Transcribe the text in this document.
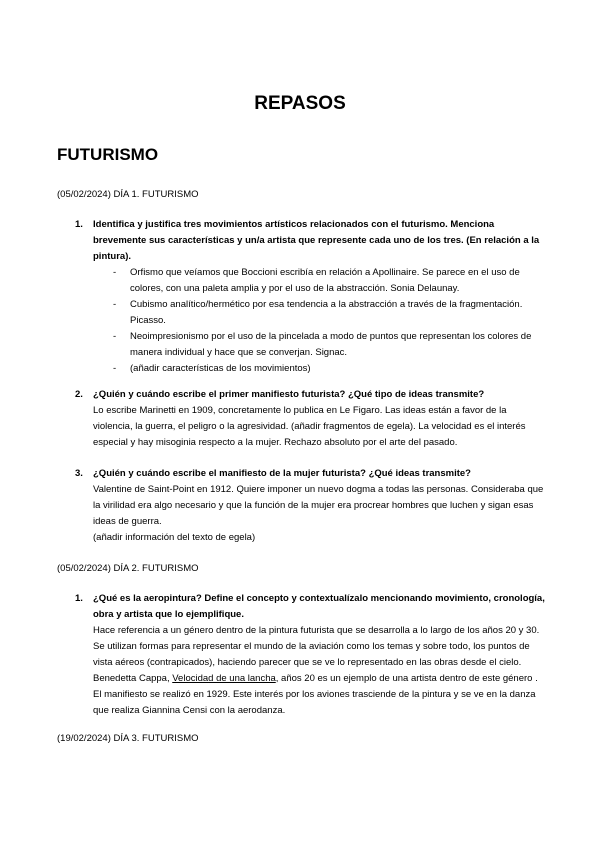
REPASOS
FUTURISMO

(05/02/2024) DÍA 1. FUTURISMO

1. Identifica y justifica tres movimientos artísticos relacionados con el futurismo. Menciona brevemente sus características y un/a artista que represente cada uno de los tres. (En relación a la pintura).

- Orfismo que veíamos que Boccioni escribía en relación a Apollinaire. Se parece en el uso de colores, con una paleta amplia y por el uso de la abstracción. Sonia Delaunay.
- Cubismo analítico/hermético por esa tendencia a la abstracción a través de la fragmentación. Picasso.
- Neoimpresionismo por el uso de la pincelada a modo de puntos que representan los colores de manera individual y hace que se converjan. Signac.
- (añadir características de los movimientos)
2. ¿Quién y cuándo escribe el primer manifiesto futurista? ¿Qué tipo de ideas transmite?

Lo escribe Marinetti en 1909, concretamente lo publica en Le Figaro. Las ideas están a favor de la violencia, la guerra, el peligro o la agresividad. (añadir fragmentos de egela). La velocidad es el interés especial y hay misoginia respecto a la mujer. Rechazo absoluto por el arte del pasado.

3. ¿Quién y cuándo escribe el manifiesto de la mujer futurista? ¿Qué ideas transmite?

Valentine de Saint-Point en 1912. Quiere imponer un nuevo dogma a todas las personas. Consideraba que la virilidad era algo necesario y que la función de la mujer era procrear hombres que luchen y sigan esas ideas de guerra.

(añadir información del texto de egela)

(05/02/2024) DÍA 2. FUTURISMO

1. ¿Qué es la aeropintura? Define el concepto y contextualízalo mencionando movimiento, cronología, obra y artista que lo ejemplifique.

Hace referencia a un género dentro de la pintura futurista que se desarrolla a lo largo de los años 20 y 30. Se utilizan formas para representar el mundo de la aviación como los temas y sobre todo, los puntos de vista aéreos (contrapicados), haciendo parecer que se ve lo representado en las obras desde el cielo. Benedetta Cappa, Velocidad de una lancha, años 20 es un ejemplo de una artista dentro de este género . El manifiesto se realizó en 1929. Este interés por los aviones trasciende de la pintura y se ve en la danza que realiza Giannina Censi con la aerodanza.

(19/02/2024) DÍA 3. FUTURISMO
